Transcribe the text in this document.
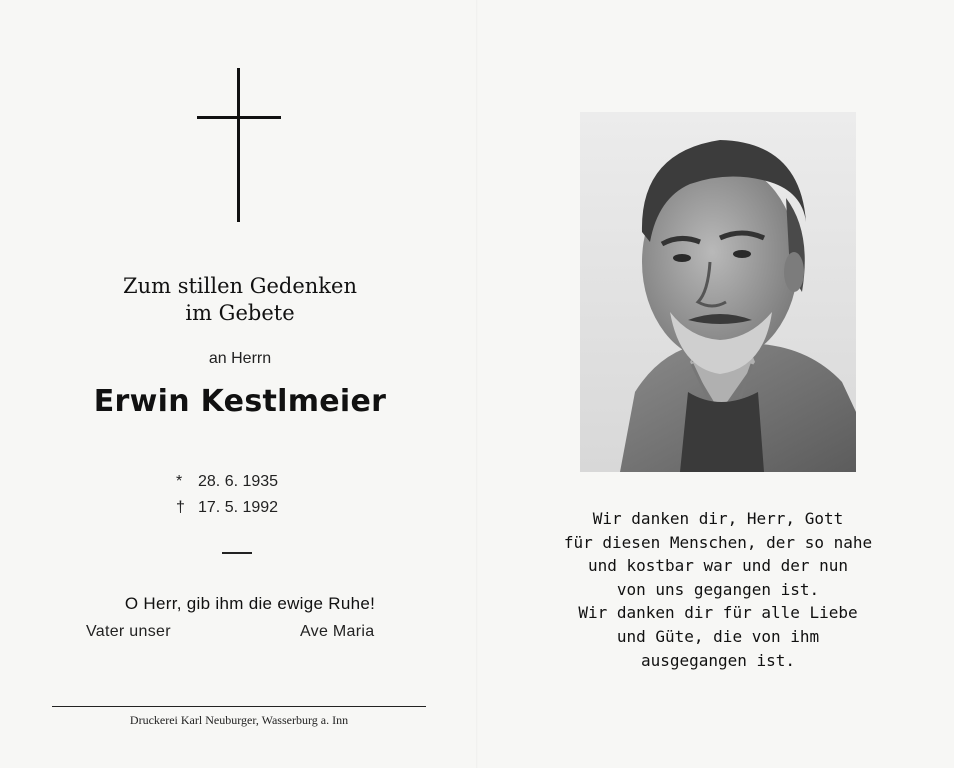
Zum stillen Gedenken
im Gebete
an Herrn
Erwin Kestlmeier
* 28. 6. 1935
† 17. 5. 1992
O Herr, gib ihm die ewige Ruhe!
Vater unser	Ave Maria
Druckerei Karl Neuburger, Wasserburg a. Inn
Wir danken dir, Herr, Gott
für diesen Menschen, der so nahe
und kostbar war und der nun
von uns gegangen ist.
Wir danken dir für alle Liebe
und Güte, die von ihm
ausgegangen ist.
